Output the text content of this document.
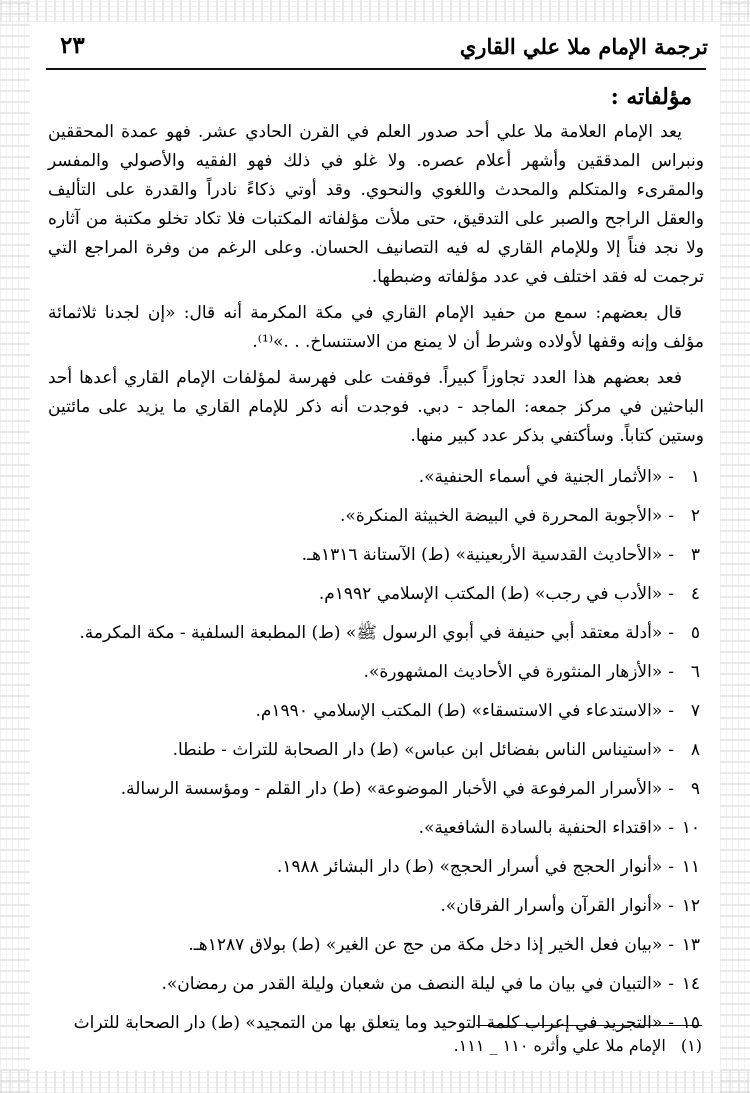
ترجمة الإمام ملا علي القاري
٢٣
مؤلفاته :

يعد الإمام العلامة ملا علي أحد صدور العلم في القرن الحادي عشر. فهو عمدة المحققين ونبراس المدققين وأشهر أعلام عصره. ولا غلو في ذلك فهو الفقيه والأصولي والمفسر والمقرىء والمتكلم والمحدث واللغوي والنحوي. وقد أوتي ذكاءً نادراً والقدرة على التأليف والعقل الراجح والصبر على التدقيق، حتى ملأت مؤلفاته المكتبات فلا تكاد تخلو مكتبة من آثاره ولا نجد فناً إلا وللإمام القاري له فيه التصانيف الحسان. وعلى الرغم من وفرة المراجع التي ترجمت له فقد اختلف في عدد مؤلفاته وضبطها.

قال بعضهم: سمع من حفيد الإمام القاري في مكة المكرمة أنه قال: «إن لجدنا ثلاثمائة مؤلف وإنه وقفها لأولاده وشرط أن لا يمنع من الاستنساخ. . .»⁽¹⁾.

فعد بعضهم هذا العدد تجاوزاً كبيراً. فوقفت على فهرسة لمؤلفات الإمام القاري أعدها أحد الباحثين في مركز جمعه: الماجد - دبي. فوجدت أنه ذكر للإمام القاري ما يزيد على مائتين وستين كتاباً. وسأكتفي بذكر عدد كبير منها.

١
-
«الأثمار الجنية في أسماء الحنفية».
٢
-
«الأجوبة المحررة في البيضة الخبيثة المنكرة».
٣
-
«الأحاديث القدسية الأربعينية» (ط) الآستانة ١٣١٦هـ.
٤
-
«الأدب في رجب» (ط) المكتب الإسلامي ١٩٩٢م.
٥
-
«أدلة معتقد أبي حنيفة في أبوي الرسول ﷺ» (ط) المطبعة السلفية - مكة المكرمة.
٦
-
«الأزهار المنثورة في الأحاديث المشهورة».
٧
-
«الاستدعاء في الاستسقاء» (ط) المكتب الإسلامي ١٩٩٠م.
٨
-
«استيناس الناس بفضائل ابن عباس» (ط) دار الصحابة للتراث - طنطا.
٩
-
«الأسرار المرفوعة في الأخبار الموضوعة» (ط) دار القلم - ومؤسسة الرسالة.
١٠
-
«اقتداء الحنفية بالسادة الشافعية».
١١
-
«أنوار الحجج في أسرار الحجج» (ط) دار البشائر ١٩٨٨.
١٢
-
«أنوار القرآن وأسرار الفرقان».
١٣
-
«بيان فعل الخير إذا دخل مكة من حج عن الغير» (ط) بولاق ١٢٨٧هـ.
١٤
-
«التبيان في بيان ما في ليلة النصف من شعبان وليلة القدر من رمضان».
١٥
-
«التجريد في إعراب كلمة التوحيد وما يتعلق بها من التمجيد» (ط) دار الصحابة للتراث
(١) الإمام ملا علي وأثره ١١٠ _ ١١١.
